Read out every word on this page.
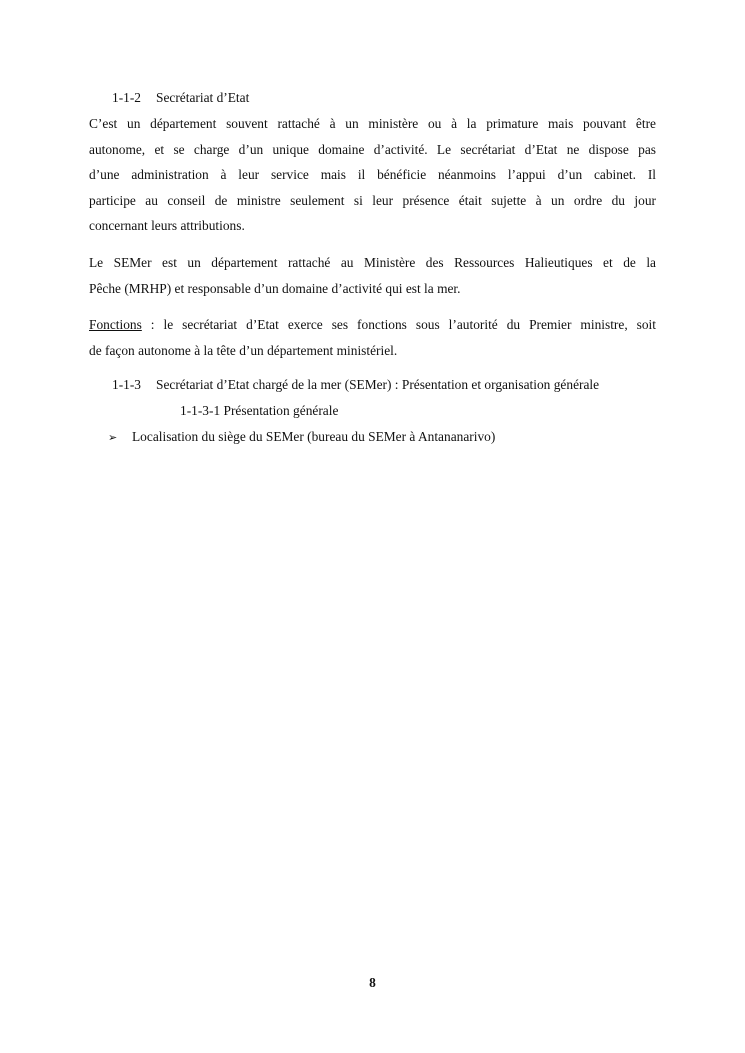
1-1-2 Secrétariat d’Etat
C’est un département souvent rattaché à un ministère ou à la primature mais pouvant être
autonome, et se charge d’un unique domaine d’activité. Le secrétariat d’Etat ne dispose pas
d’une administration à leur service mais il bénéficie néanmoins l’appui d’un cabinet. Il
participe au conseil de ministre seulement si leur présence était sujette à un ordre du jour
concernant leurs attributions.
Le SEMer est un département rattaché au Ministère des Ressources Halieutiques et de la
Pêche (MRHP) et responsable d’un domaine d’activité qui est la mer.
Fonctions : le secrétariat d’Etat exerce ses fonctions sous l’autorité du Premier ministre, soit
de façon autonome à la tête d’un département ministériel.
1-1-3 Secrétariat d’Etat chargé de la mer (SEMer) : Présentation et organisation générale
1-1-3-1 Présentation générale
➢ Localisation du siège du SEMer (bureau du SEMer à Antananarivo)
8
